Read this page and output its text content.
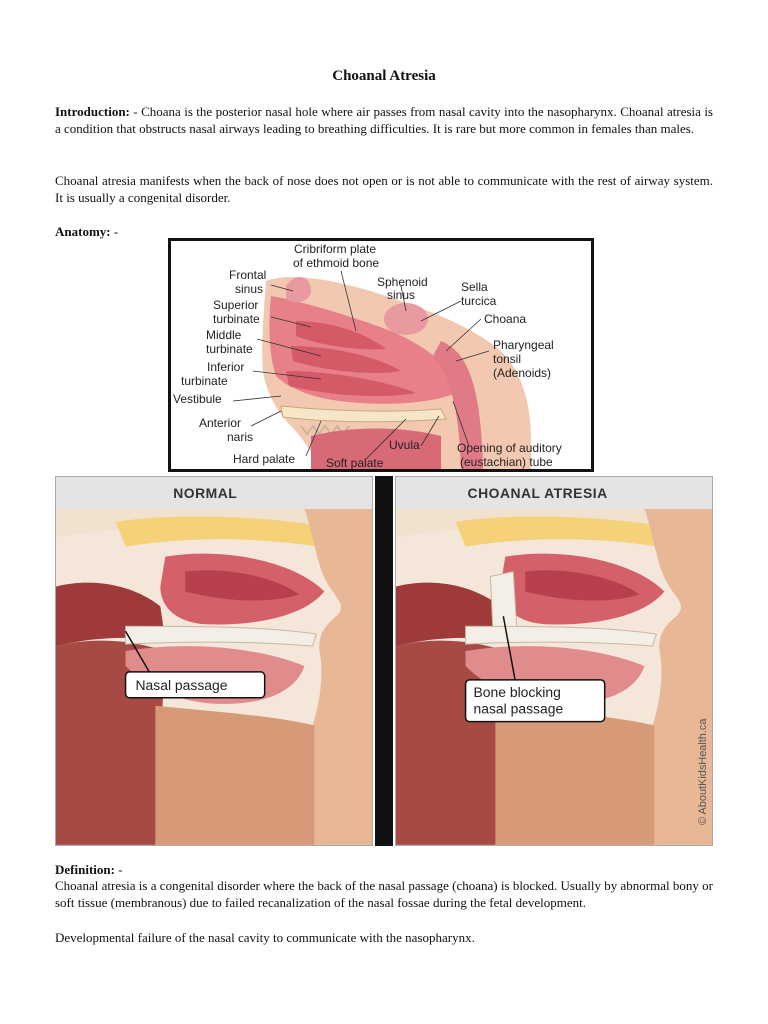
Choanal Atresia

Introduction: - Choana is the posterior nasal hole where air passes from nasal cavity into the nasopharynx. Choanal atresia is a condition that obstructs nasal airways leading to breathing difficulties. It is rare but more common in females than males.

Choanal atresia manifests when the back of nose does not open or is not able to communicate with the rest of airway system. It is usually a congenital disorder.

Anatomy: -
Frontal
sinus
Cribriform plate
of ethmoid bone
Sphenoid
sinus
Sella
turcica
Superior
turbinate	Choana
Middle
turbinate	Pharyngeal
tonsil
(Adenoids)
Inferior
turbinate
Vestibule
Anterior
naris
Uvula	Opening of auditory
(eustachian) tube
Hard palate	Soft palate
NORMAL
Nasal passage
CHOANAL ATRESIA
Bone blocking
nasal passage
© AboutKidsHealth.ca
Definition: -

Choanal atresia is a congenital disorder where the back of the nasal passage (choana) is blocked. Usually by abnormal bony or soft tissue (membranous) due to failed recanalization of the nasal fossae during the fetal development.

Developmental failure of the nasal cavity to communicate with the nasopharynx.
